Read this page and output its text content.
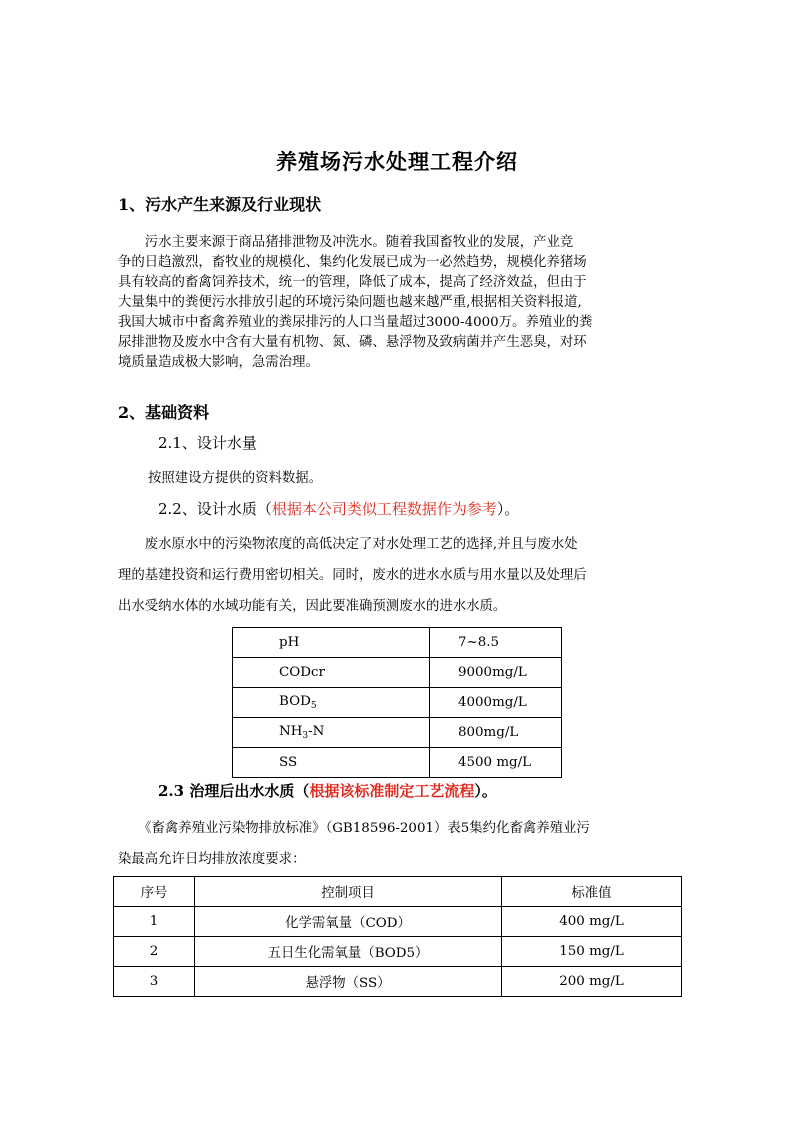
养殖场污水处理工程介绍
1、污水产生来源及行业现状
　　污水主要来源于商品猪排泄物及冲洗水。随着我国畜牧业的发展，产业竞
争的日趋激烈，畜牧业的规模化、集约化发展已成为一必然趋势，规模化养猪场
具有较高的畜禽饲养技术，统一的管理，降低了成本，提高了经济效益，但由于
大量集中的粪便污水排放引起的环境污染问题也越来越严重,根据相关资料报道,
我国大城市中畜禽养殖业的粪尿排污的人口当量超过3000-4000万。养殖业的粪
尿排泄物及废水中含有大量有机物、氮、磷、悬浮物及致病菌并产生恶臭，对环
境质量造成极大影响，急需治理。
2、基础资料
2.1、设计水量
按照建设方提供的资料数据。
2.2、设计水质（根据本公司类似工程数据作为参考）。
　　废水原水中的污染物浓度的高低决定了对水处理工艺的选择,并且与废水处
理的基建投资和运行费用密切相关。同时，废水的进水水质与用水量以及处理后
出水受纳水体的水域功能有关，因此要准确预测废水的进水水质。
pH	7~8.5
CODcr	9000mg/L
$BOD_5$	4000mg/L
$NH_3-N$	800mg/L
SS	4500 mg/L
2.3 治理后出水水质（根据该标准制定工艺流程）。
　　《畜禽养殖业污染物排放标准》（GB18596-2001）表5集约化畜禽养殖业污
染最高允许日均排放浓度要求：
序号	控制项目	标准值
1	化学需氧量（COD）	400 mg/L
2	五日生化需氧量（BOD5）	150 mg/L
3	悬浮物（SS）	200 mg/L
